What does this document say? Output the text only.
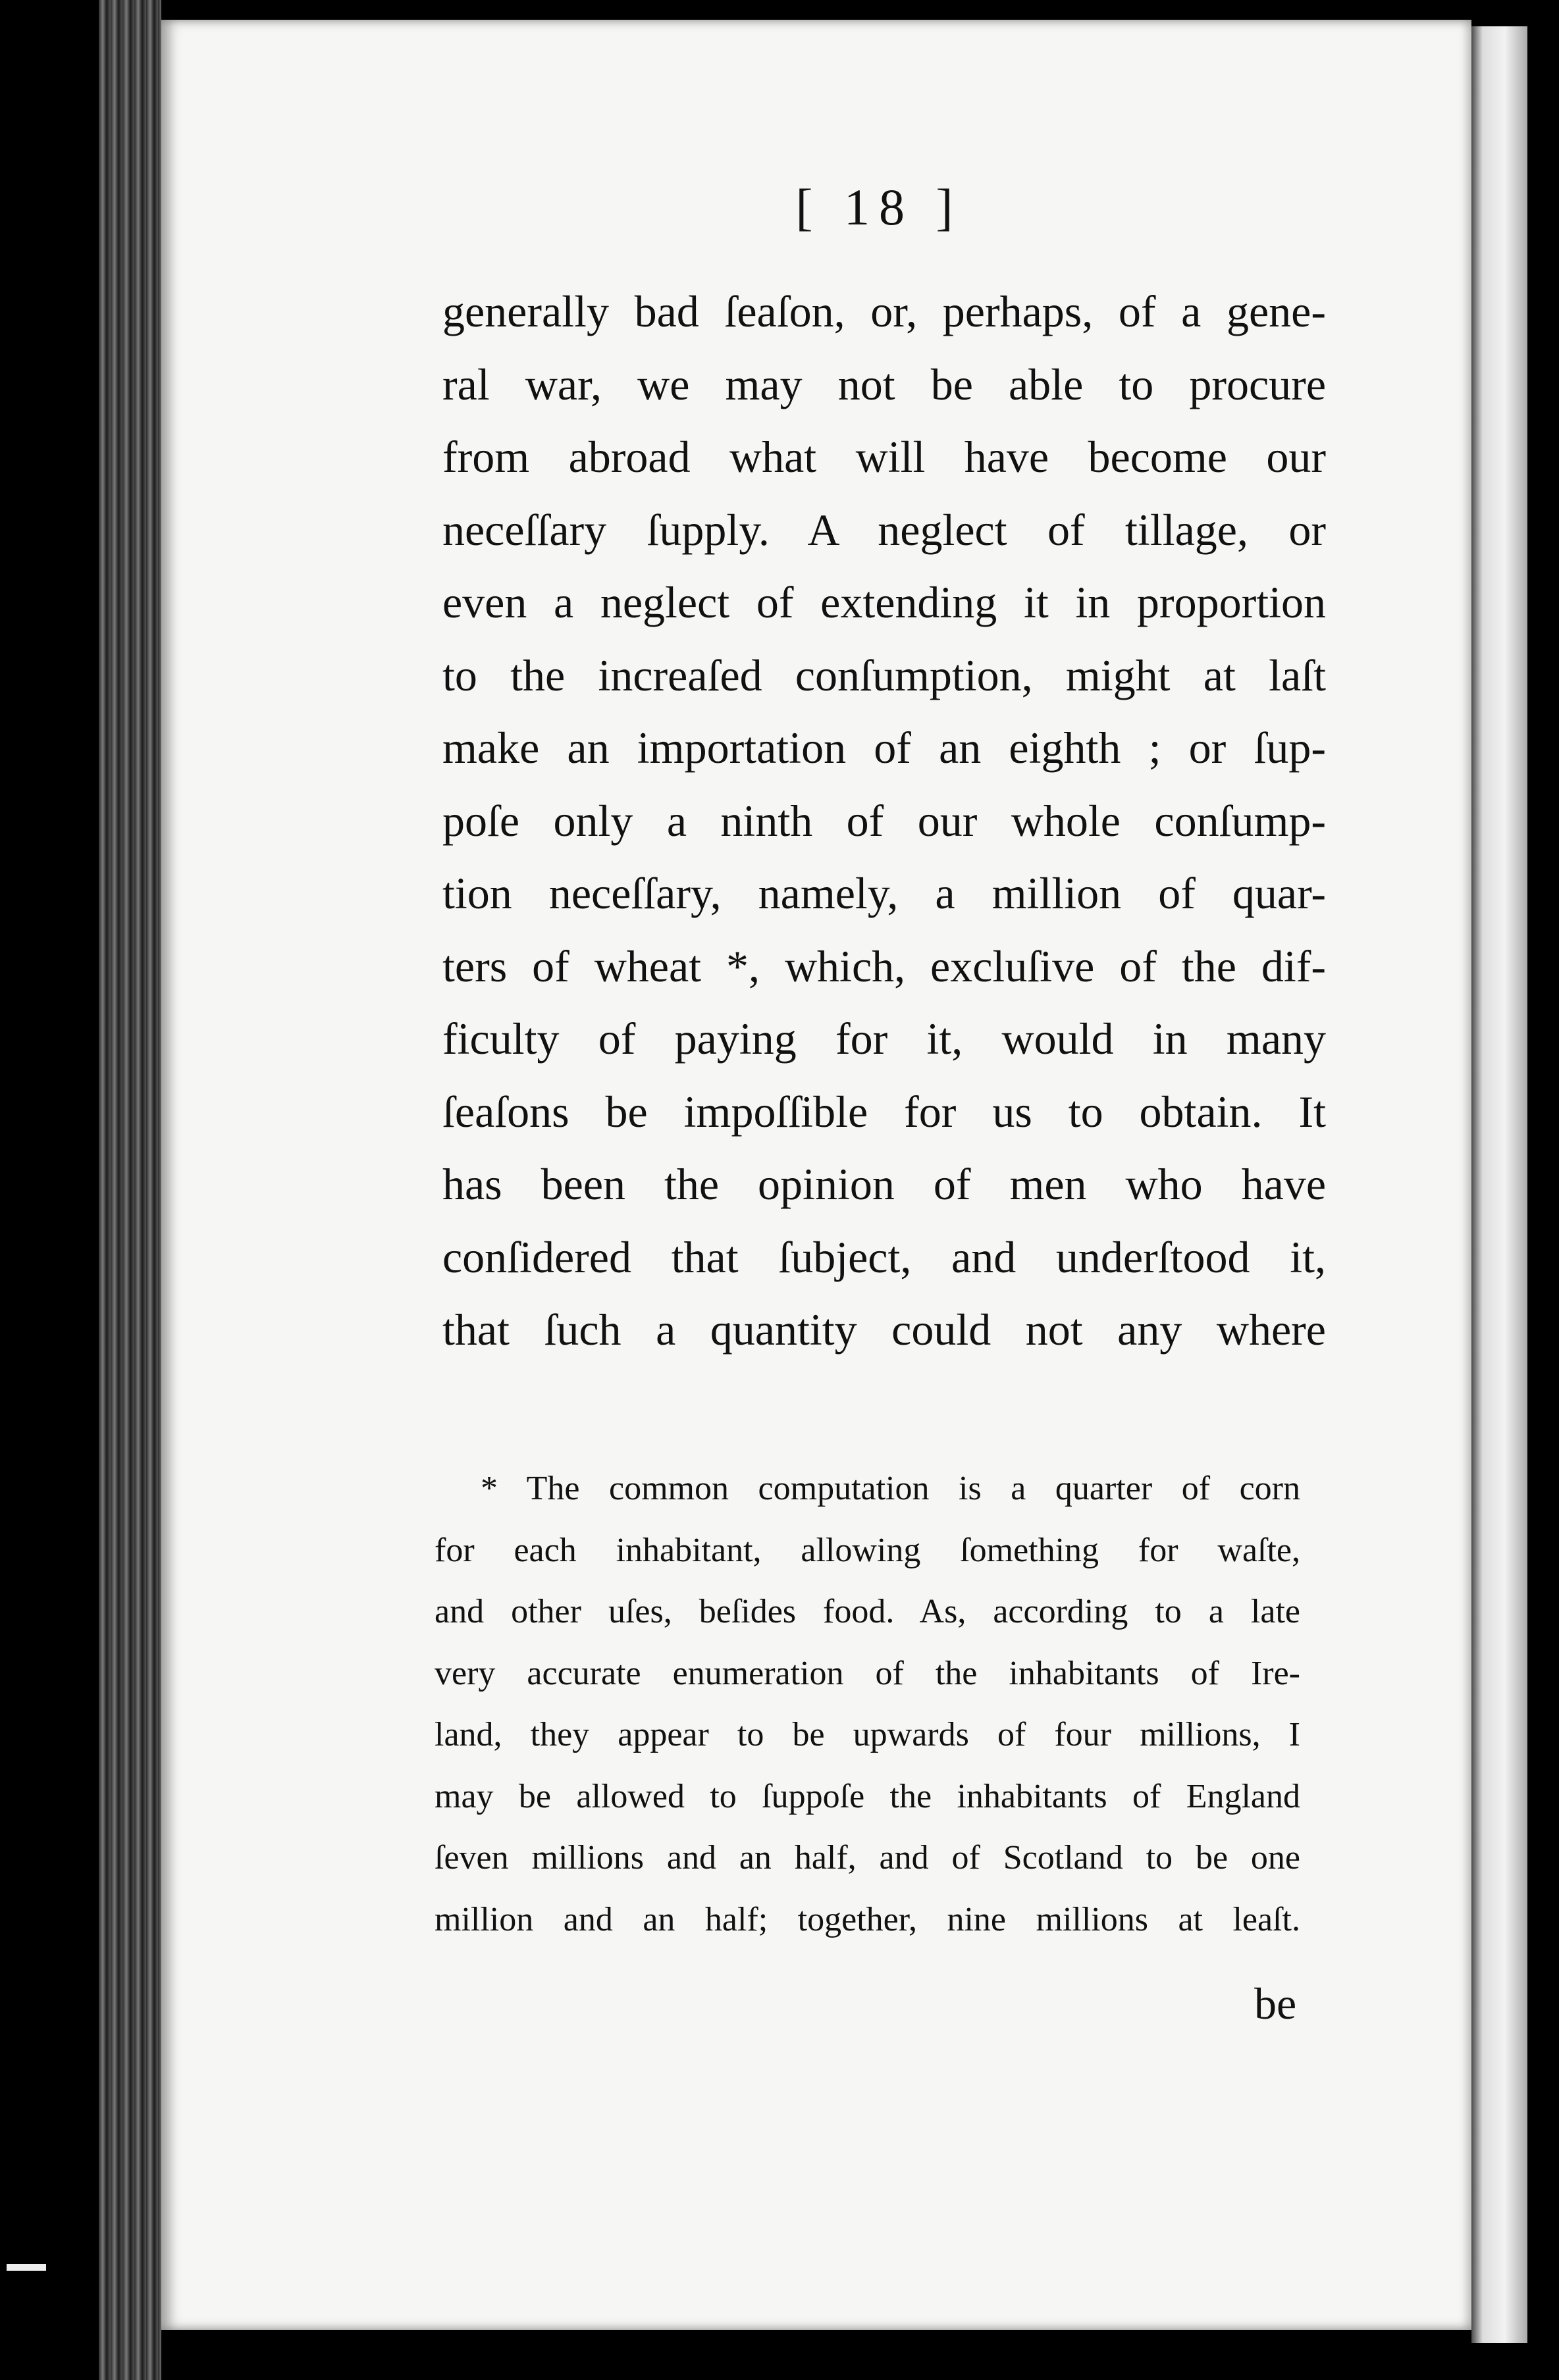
[ 18 ]
generally bad ſeaſon, or, perhaps, of a gene-
ral war, we may not be able to procure
from abroad what will have become our
neceſſary ſupply. A neglect of tillage, or
even a neglect of extending it in proportion
to the increaſed conſumption, might at laſt
make an importation of an eighth ; or ſup-
poſe only a ninth of our whole conſump-
tion neceſſary, namely, a million of quar-
ters of wheat *, which, excluſive of the dif-
ficulty of paying for it, would in many
ſeaſons be impoſſible for us to obtain. It
has been the opinion of men who have
conſidered that ſubject, and underſtood it,
that ſuch a quantity could not any where
* The common computation is a quarter of corn
for each inhabitant, allowing ſomething for waſte,
and other uſes, beſides food. As, according to a late
very accurate enumeration of the inhabitants of Ire-
land, they appear to be upwards of four millions, I
may be allowed to ſuppoſe the inhabitants of England
ſeven millions and an half, and of Scotland to be one
million and an half; together, nine millions at leaſt.
be
